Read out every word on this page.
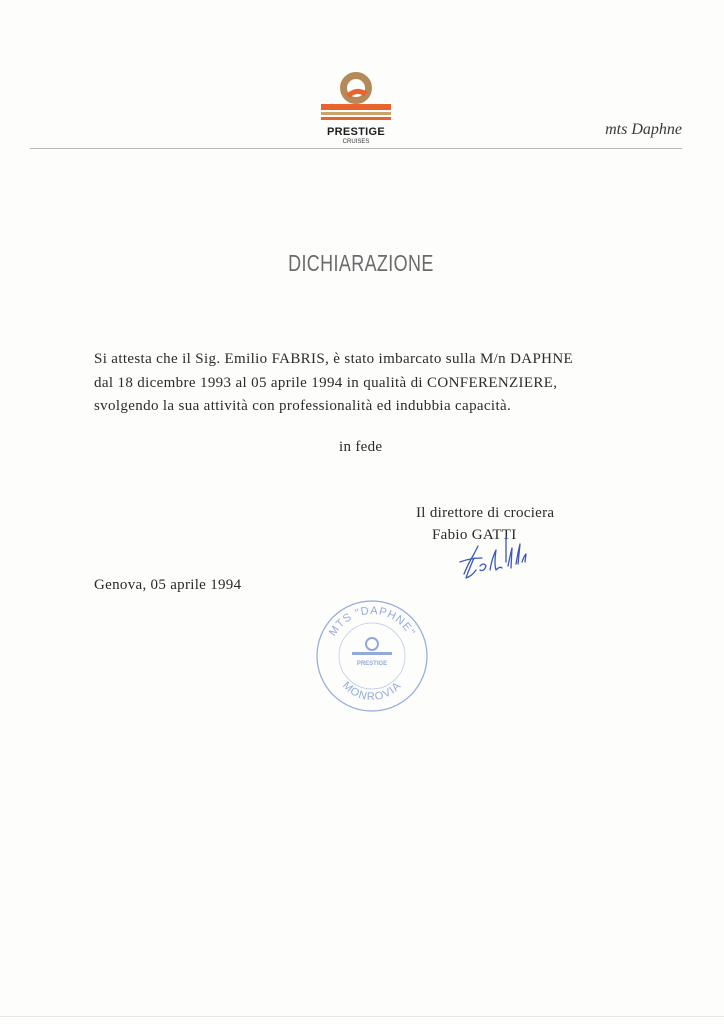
PRESTIGE
CRUISES
mts Daphne
DICHIARAZIONE
Si attesta che il Sig. Emilio FABRIS, è stato imbarcato sulla M/n DAPHNE
dal 18 dicembre 1993 al 05 aprile 1994 in qualità di CONFERENZIERE,
svolgendo la sua attività con professionalità ed indubbia capacità.
in fede
Il direttore di crociera
Fabio GATTI
Genova, 05 aprile 1994
MTS "DAPHNE"
MONROVIA
PRESTIGE
